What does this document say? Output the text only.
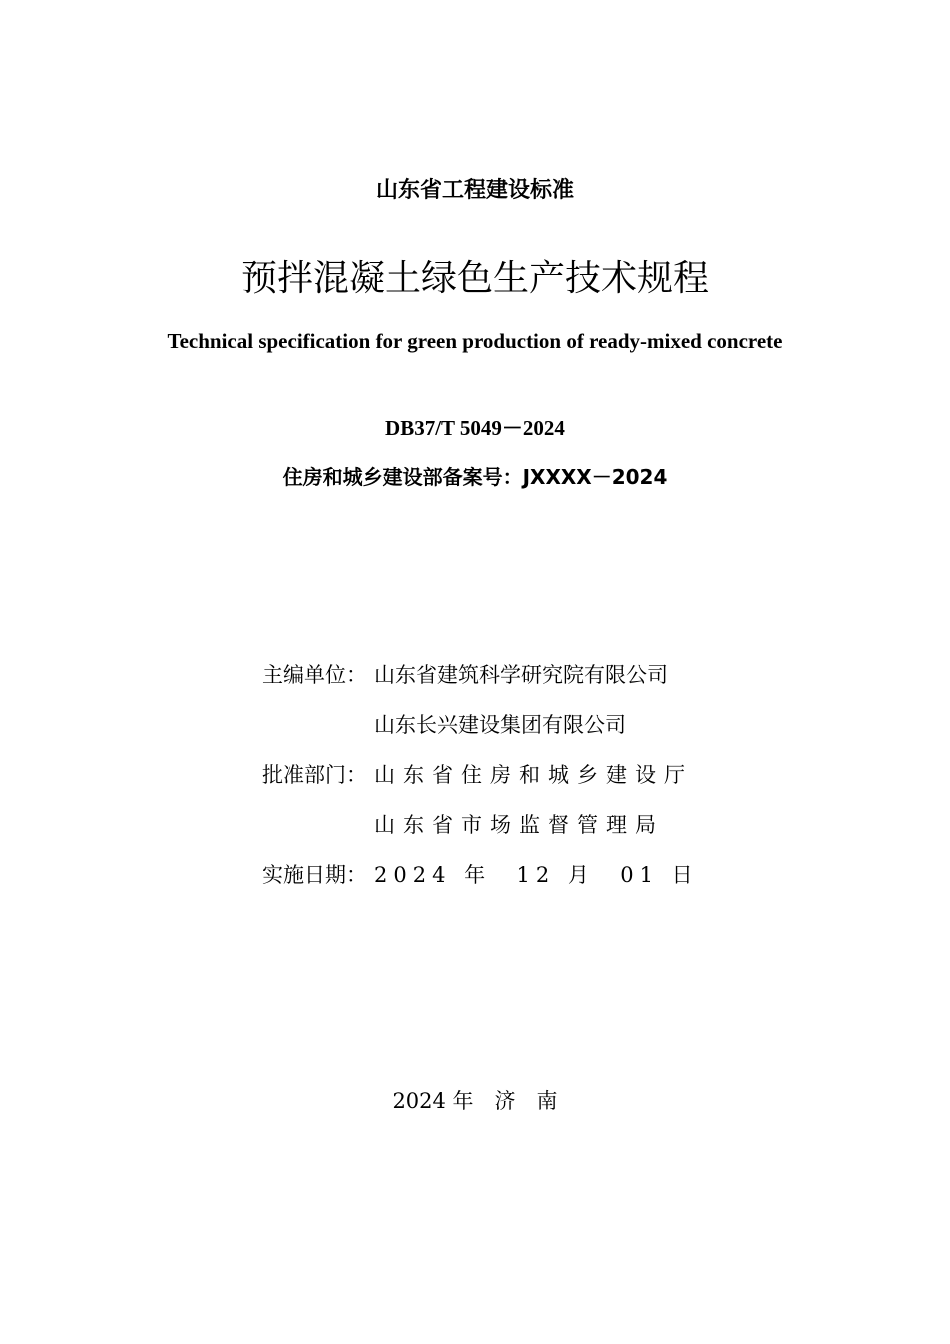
山东省工程建设标准
预拌混凝土绿色生产技术规程
Technical specification for green production of ready-mixed concrete
DB37/T 5049－2024
住房和城乡建设部备案号：JXXXX－2024
主编单位： 山东省建筑科学研究院有限公司
山东长兴建设集团有限公司
批准部门： 山东省住房和城乡建设厅
山东省市场监督管理局
实施日期： 2024 年  12 月  01 日
2024 年　济　南
